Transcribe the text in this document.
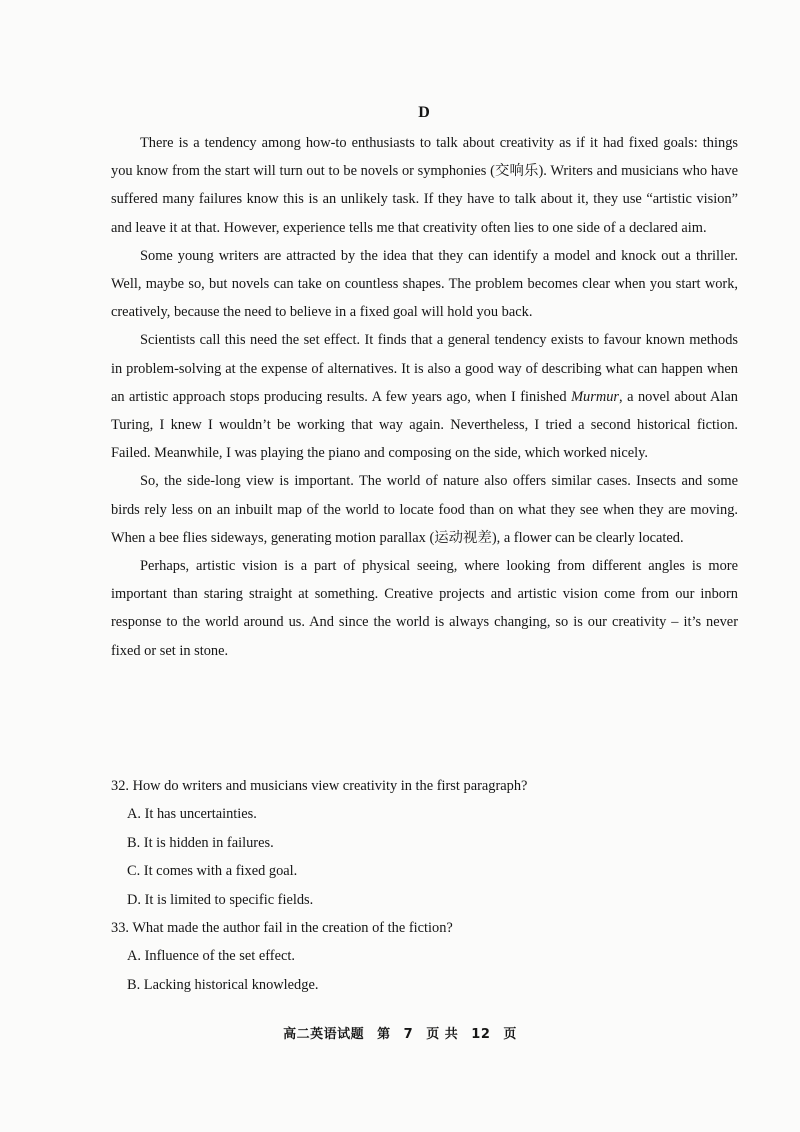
D

There is a tendency among how-to enthusiasts to talk about creativity as if it had fixed goals: things you know from the start will turn out to be novels or symphonies (交响乐). Writers and musicians who have suffered many failures know this is an unlikely task. If they have to talk about it, they use “artistic vision” and leave it at that. However, experience tells me that creativity often lies to one side of a declared aim.

Some young writers are attracted by the idea that they can identify a model and knock out a thriller. Well, maybe so, but novels can take on countless shapes. The problem becomes clear when you start work, creatively, because the need to believe in a fixed goal will hold you back.

Scientists call this need the set effect. It finds that a general tendency exists to favour known methods in problem-solving at the expense of alternatives. It is also a good way of describing what can happen when an artistic approach stops producing results. A few years ago, when I finished Murmur, a novel about Alan Turing, I knew I wouldn’t be working that way again. Nevertheless, I tried a second historical fiction. Failed. Meanwhile, I was playing the piano and composing on the side, which worked nicely.

So, the side-long view is important. The world of nature also offers similar cases. Insects and some birds rely less on an inbuilt map of the world to locate food than on what they see when they are moving. When a bee flies sideways, generating motion parallax (运动视差), a flower can be clearly located.

Perhaps, artistic vision is a part of physical seeing, where looking from different angles is more important than staring straight at something. Creative projects and artistic vision come from our inborn response to the world around us. And since the world is always changing, so is our creativity – it’s never fixed or set in stone.

32. How do writers and musicians view creativity in the first paragraph?

A. It has uncertainties.
B. It is hidden in failures.
C. It comes with a fixed goal.
D. It is limited to specific fields.

33. What made the author fail in the creation of the fiction?

A. Influence of the set effect.
B. Lacking historical knowledge.
高二英语试题 第 7 页 共 12 页
